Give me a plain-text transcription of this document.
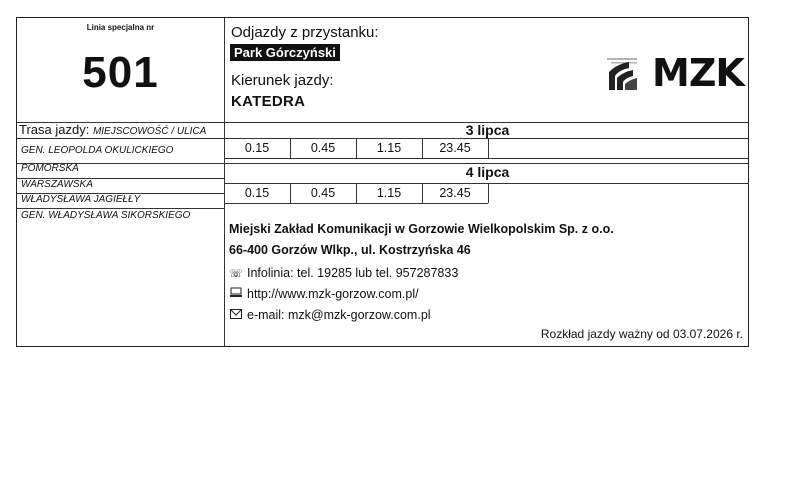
Linia specjalna nr
501
Odjazdy z przystanku:
Park Górczyński
Kierunek jazdy:
KATEDRA
MZK
Trasa jazdy: MIEJSCOWOŚĆ / ULICA
GEN. LEOPOLDA OKULICKIEGO
POMORSKA
WARSZAWSKA
WŁADYSŁAWA JAGIEŁŁY
GEN. WŁADYSŁAWA SIKORSKIEGO
3 lipca
0.15	0.45	1.15	23.45
4 lipca
0.15	0.45	1.15	23.45
Miejski Zakład Komunikacji w Gorzowie Wielkopolskim Sp. z o.o.
66-400 Gorzów Wlkp., ul. Kostrzyńska 46
☏ Infolinia: tel. 19285 lub tel. 957287833
http://www.mzk-gorzow.com.pl/
e-mail: mzk@mzk-gorzow.com.pl
Rozkład jazdy ważny od 03.07.2026 r.
